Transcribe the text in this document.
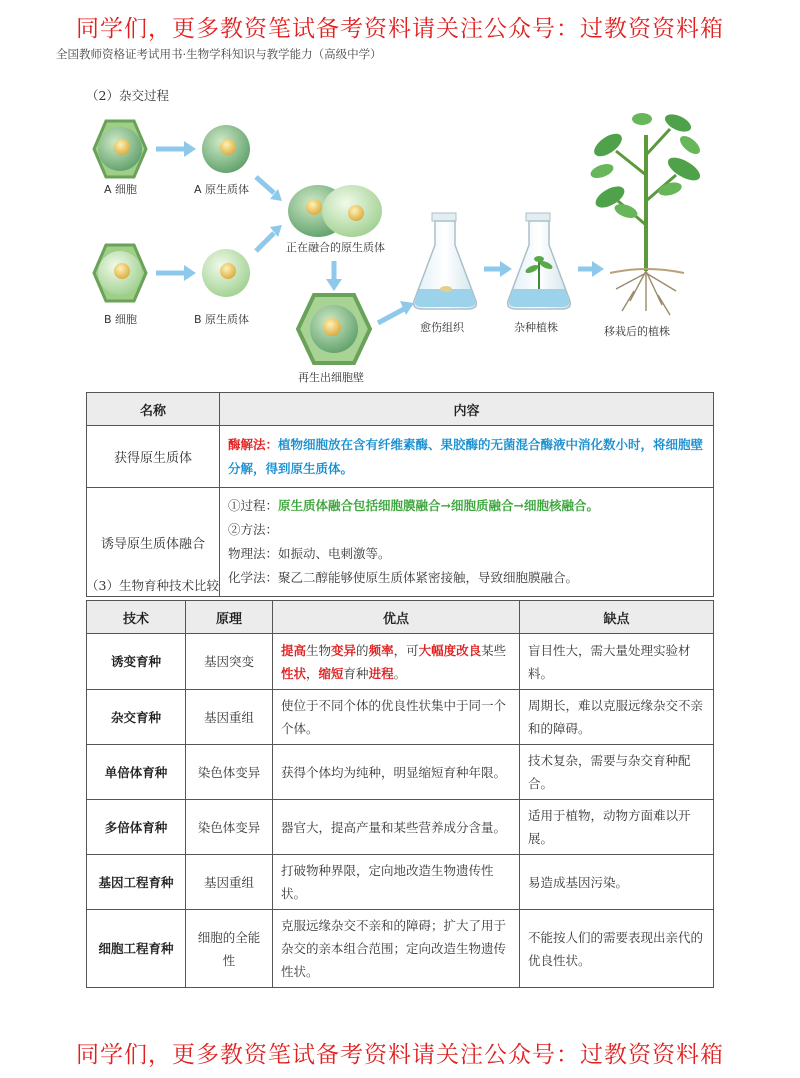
同学们，更多教资笔试备考资料请关注公众号：过教资资料箱
全国教师资格证考试用书·生物学科知识与教学能力（高级中学）
（2）杂交过程
A 细胞	A 原生质体
B 细胞	B 原生质体
正在融合的原生质体
再生出细胞壁
愈伤组织	杂种植株	移栽后的植株
名称	内容
获得原生质体	酶解法：植物细胞放在含有纤维素酶、果胶酶的无菌混合酶液中消化数小时，将细胞壁分解，得到原生质体。
诱导原生质体融合	①过程：原生质体融合包括细胞膜融合→细胞质融合→细胞核融合。
②方法：
物理法：如振动、电刺激等。
化学法：聚乙二醇能够使原生质体紧密接触，导致细胞膜融合。
（3）生物育种技术比较
技术	原理	优点	缺点
诱变育种	基因突变	提高生物变异的频率，可大幅度改良某些性状，缩短育种进程。	盲目性大，需大量处理实验材料。
杂交育种	基因重组	使位于不同个体的优良性状集中于同一个个体。	周期长，难以克服远缘杂交不亲和的障碍。
单倍体育种	染色体变异	获得个体均为纯种，明显缩短育种年限。	技术复杂，需要与杂交育种配合。
多倍体育种	染色体变异	器官大，提高产量和某些营养成分含量。	适用于植物，动物方面难以开展。
基因工程育种	基因重组	打破物种界限，定向地改造生物遗传性状。	易造成基因污染。
细胞工程育种	细胞的全能性	克服远缘杂交不亲和的障碍；扩大了用于杂交的亲本组合范围；定向改造生物遗传性状。	不能按人们的需要表现出亲代的优良性状。
同学们，更多教资笔试备考资料请关注公众号：过教资资料箱
